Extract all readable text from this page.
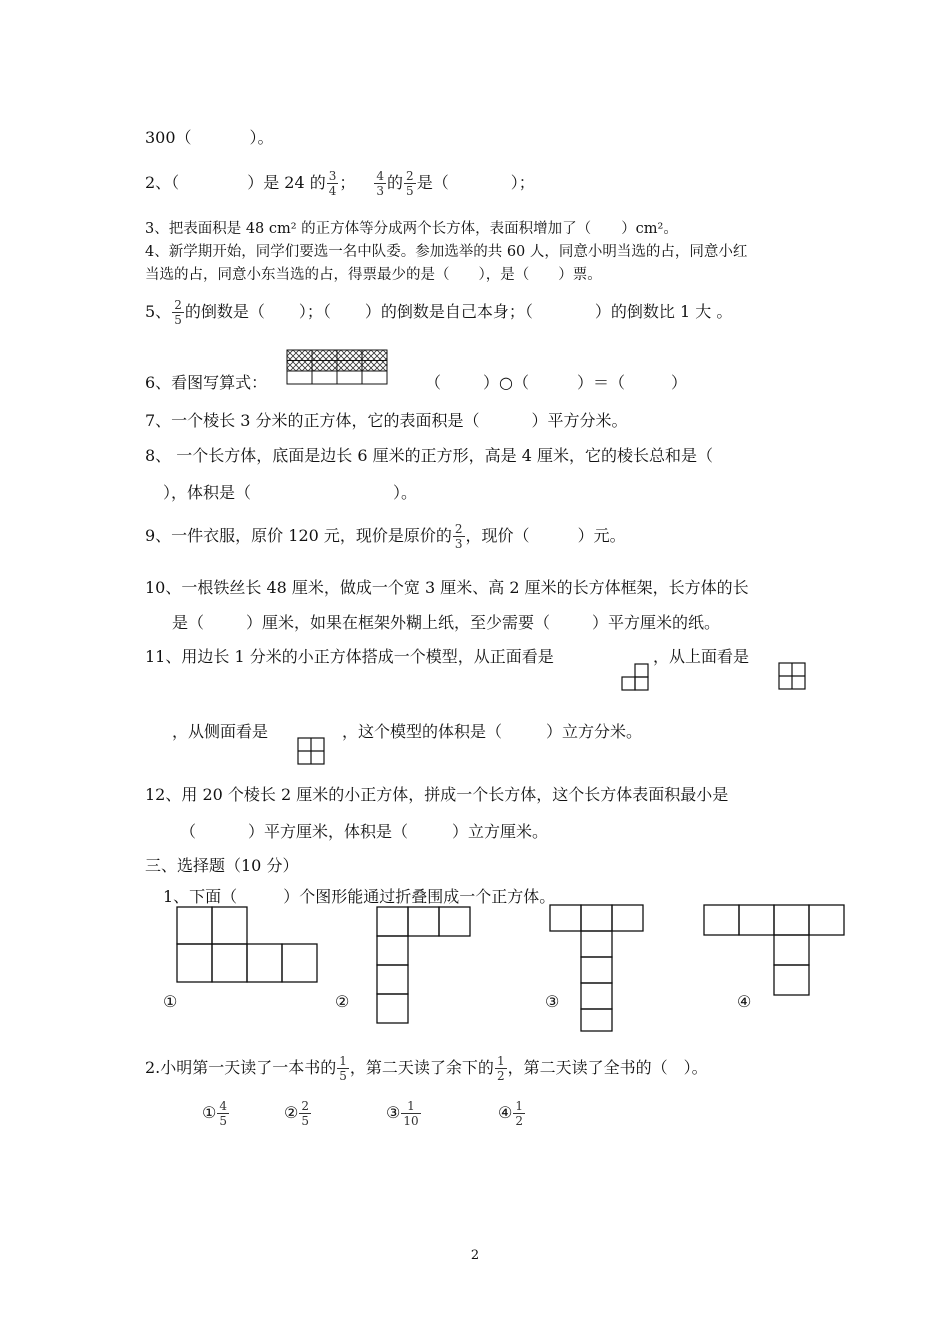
300（	）。
2、（	）是 24 的 $\frac{3}{4}$ ； $\frac{4}{3}$ 的 $\frac{2}{5}$ 是（	）；
3、把表面积是 48 cm² 的正方体等分成两个长方体，表面积增加了（ ）cm²。
4、新学期开始，同学们要选一名中队委。参加选举的共 60 人，同意小明当选的占，同意小红
当选的占，同意小东当选的占，得票最少的是（　　），是（　　）票。
5、 $\frac{2}{5}$ 的倒数是（ ）；（ ）的倒数是自己本身；（	）的倒数比 1 大 。
6、看图写算式：	（	）○（	）＝（	）
7、一个棱长 3 分米的正方体，它的表面积是（	）平方分米。
8、 一个长方体，底面是边长 6 厘米的正方形，高是 4 厘米，它的棱长总和是（
），体积是（	）。
9、一件衣服，原价 120 元，现价是原价的 $\frac{2}{3}$ ，现价（	）元。
10、一根铁丝长 48 厘米，做成一个宽 3 厘米、高 2 厘米的长方体框架，长方体的长
是（	）厘米，如果在框架外糊上纸，至少需要（	）平方厘米的纸。
11、用边长 1 分米的小正方体搭成一个模型，从正面看是	，从上面看是
，从侧面看是	，这个模型的体积是（	）立方分米。
12、用 20 个棱长 2 厘米的小正方体，拼成一个长方体，这个长方体表面积最小是
（	）平方厘米，体积是（	）立方厘米。
三、选择题（10 分）
1、下面（	）个图形能通过折叠围成一个正方体。
①	②	③	④
2.小明第一天读了一本书的 $\frac{1}{5}$ ，第二天读了余下的 $\frac{1}{2}$ ，第二天读了全书的（　）。
① $\frac{4}{5}$	② $\frac{2}{5}$	③ $\frac{1}{10}$	④ $\frac{1}{2}$
2
